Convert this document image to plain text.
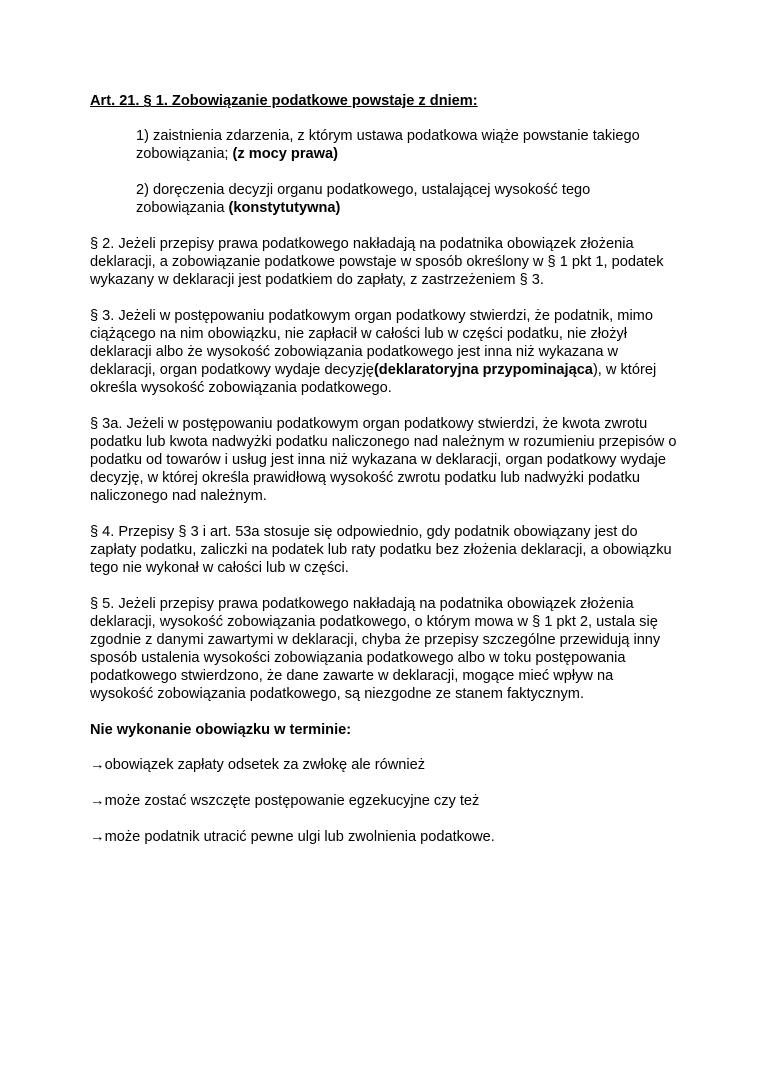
Art. 21. § 1. Zobowiązanie podatkowe powstaje z dniem:

1) zaistnienia zdarzenia, z którym ustawa podatkowa wiąże powstanie takiego zobowiązania; (z mocy prawa)

2) doręczenia decyzji organu podatkowego, ustalającej wysokość tego zobowiązania (konstytutywna)

§ 2. Jeżeli przepisy prawa podatkowego nakładają na podatnika obowiązek złożenia deklaracji, a zobowiązanie podatkowe powstaje w sposób określony w § 1 pkt 1, podatek wykazany w deklaracji jest podatkiem do zapłaty, z zastrzeżeniem § 3.

§ 3. Jeżeli w postępowaniu podatkowym organ podatkowy stwierdzi, że podatnik, mimo ciążącego na nim obowiązku, nie zapłacił w całości lub w części podatku, nie złożył deklaracji albo że wysokość zobowiązania podatkowego jest inna niż wykazana w deklaracji, organ podatkowy wydaje decyzję(deklaratoryjna przypominająca), w której określa wysokość zobowiązania podatkowego.

§ 3a. Jeżeli w postępowaniu podatkowym organ podatkowy stwierdzi, że kwota zwrotu podatku lub kwota nadwyżki podatku naliczonego nad należnym w rozumieniu przepisów o podatku od towarów i usług jest inna niż wykazana w deklaracji, organ podatkowy wydaje decyzję, w której określa prawidłową wysokość zwrotu podatku lub nadwyżki podatku naliczonego nad należnym.

§ 4. Przepisy § 3 i art. 53a stosuje się odpowiednio, gdy podatnik obowiązany jest do zapłaty podatku, zaliczki na podatek lub raty podatku bez złożenia deklaracji, a obowiązku tego nie wykonał w całości lub w części.

§ 5. Jeżeli przepisy prawa podatkowego nakładają na podatnika obowiązek złożenia deklaracji, wysokość zobowiązania podatkowego, o którym mowa w § 1 pkt 2, ustala się zgodnie z danymi zawartymi w deklaracji, chyba że przepisy szczególne przewidują inny sposób ustalenia wysokości zobowiązania podatkowego albo w toku postępowania podatkowego stwierdzono, że dane zawarte w deklaracji, mogące mieć wpływ na wysokość zobowiązania podatkowego, są niezgodne ze stanem faktycznym.

Nie wykonanie obowiązku w terminie:

→obowiązek zapłaty odsetek za zwłokę ale również

→może zostać wszczęte postępowanie egzekucyjne czy też

→może podatnik utracić pewne ulgi lub zwolnienia podatkowe.
